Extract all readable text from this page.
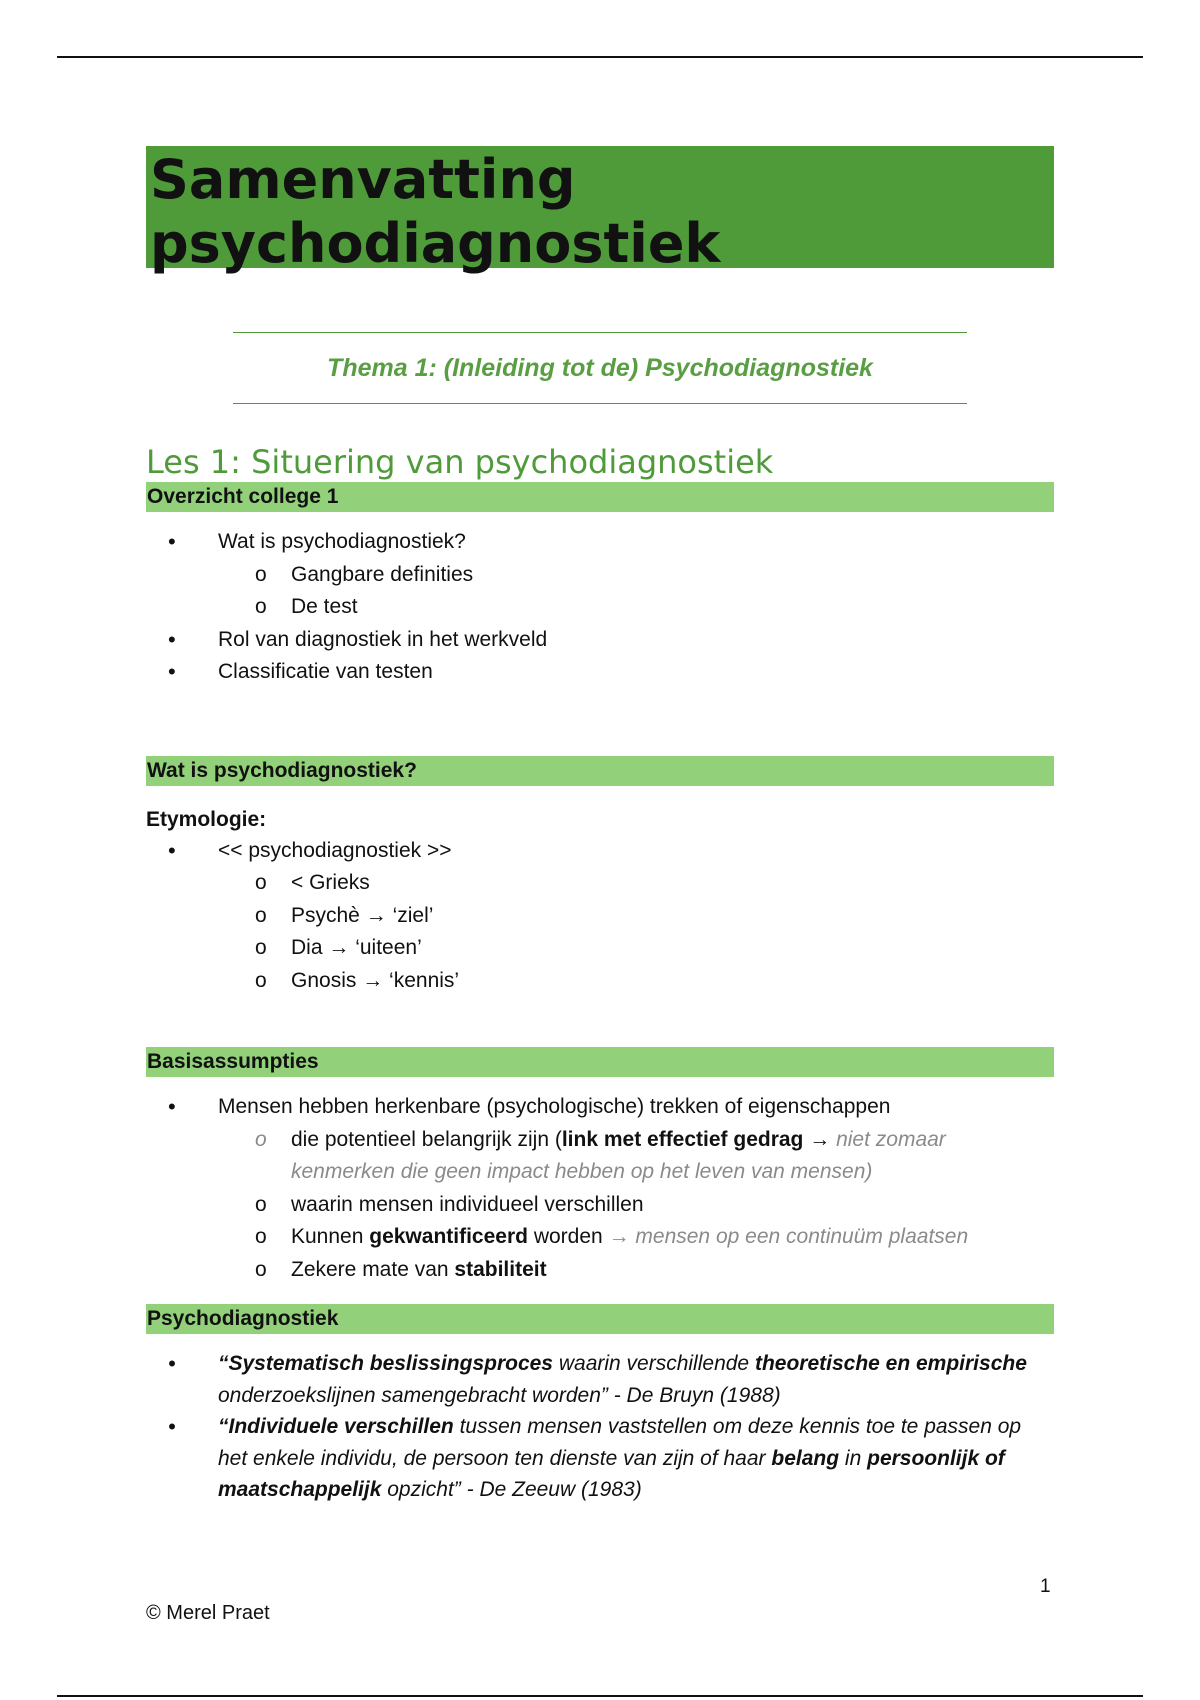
Samenvatting
psychodiagnostiek
Thema 1: (Inleiding tot de) Psychodiagnostiek
Les 1: Situering van psychodiagnostiek
Overzicht college 1
• Wat is psychodiagnostiek?
o Gangbare definities
o De test
• Rol van diagnostiek in het werkveld
• Classificatie van testen
Wat is psychodiagnostiek?
Etymologie:
• << psychodiagnostiek >>
o < Grieks
o Psychè → ‘ziel’
o Dia → ‘uiteen’
o Gnosis → ‘kennis’
Basisassumpties
• Mensen hebben herkenbare (psychologische) trekken of eigenschappen
o die potentieel belangrijk zijn (link met effectief gedrag → niet zomaar kenmerken die geen impact hebben op het leven van mensen)
o waarin mensen individueel verschillen
o Kunnen gekwantificeerd worden → mensen op een continuüm plaatsen
o Zekere mate van stabiliteit
Psychodiagnostiek
• “Systematisch beslissingsproces waarin verschillende theoretische en empirische onderzoekslijnen samengebracht worden” - De Bruyn (1988)
• “Individuele verschillen tussen mensen vaststellen om deze kennis toe te passen op het enkele individu, de persoon ten dienste van zijn of haar belang in persoonlijk of maatschappelijk opzicht” - De Zeeuw (1983)
1
© Merel Praet
